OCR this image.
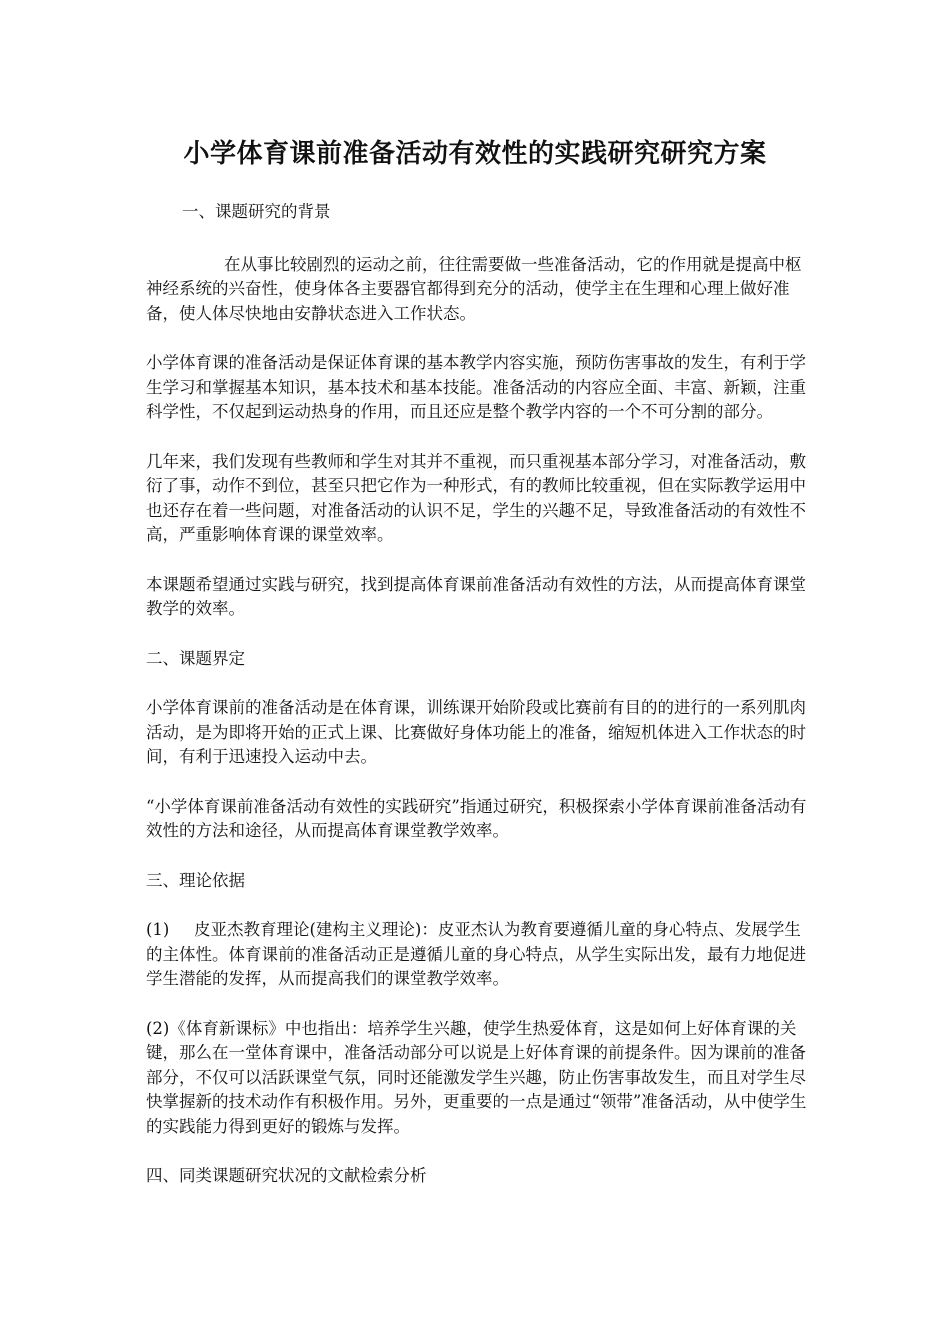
小学体育课前准备活动有效性的实践研究研究方案

一、课题研究的背景

在从事比较剧烈的运动之前，往往需要做一些准备活动，它的作用就是提高中枢神经系统的兴奋性，使身体各主要器官都得到充分的活动，使学主在生理和心理上做好准备，使人体尽快地由安静状态进入工作状态。

小学体育课的准备活动是保证体育课的基本教学内容实施，预防伤害事故的发生，有利于学生学习和掌握基本知识，基本技术和基本技能。准备活动的内容应全面、丰富、新颖，注重科学性，不仅起到运动热身的作用，而且还应是整个教学内容的一个不可分割的部分。

几年来，我们发现有些教师和学生对其并不重视，而只重视基本部分学习，对准备活动，敷衍了事，动作不到位，甚至只把它作为一种形式，有的教师比较重视，但在实际教学运用中也还存在着一些问题，对准备活动的认识不足，学生的兴趣不足，导致准备活动的有效性不高，严重影响体育课的课堂效率。

本课题希望通过实践与研究，找到提高体育课前准备活动有效性的方法，从而提高体育课堂教学的效率。

二、课题界定

小学体育课前的准备活动是在体育课，训练课开始阶段或比赛前有目的的进行的一系列肌肉活动，是为即将开始的正式上课、比赛做好身体功能上的准备，缩短机体进入工作状态的时间，有利于迅速投入运动中去。

“小学体育课前准备活动有效性的实践研究”指通过研究，积极探索小学体育课前准备活动有效性的方法和途径，从而提高体育课堂教学效率。

三、理论依据

(1) 皮亚杰教育理论(建构主义理论)：皮亚杰认为教育要遵循儿童的身心特点、发展学生的主体性。体育课前的准备活动正是遵循儿童的身心特点，从学生实际出发，最有力地促进学生潜能的发挥，从而提高我们的课堂教学效率。

(2)《体育新课标》中也指出：培养学生兴趣，使学生热爱体育，这是如何上好体育课的关键，那么在一堂体育课中，准备活动部分可以说是上好体育课的前提条件。因为课前的准备部分，不仅可以活跃课堂气氛，同时还能激发学生兴趣，防止伤害事故发生，而且对学生尽快掌握新的技术动作有积极作用。另外，更重要的一点是通过“领带”准备活动，从中使学生的实践能力得到更好的锻炼与发挥。

四、同类课题研究状况的文献检索分析
